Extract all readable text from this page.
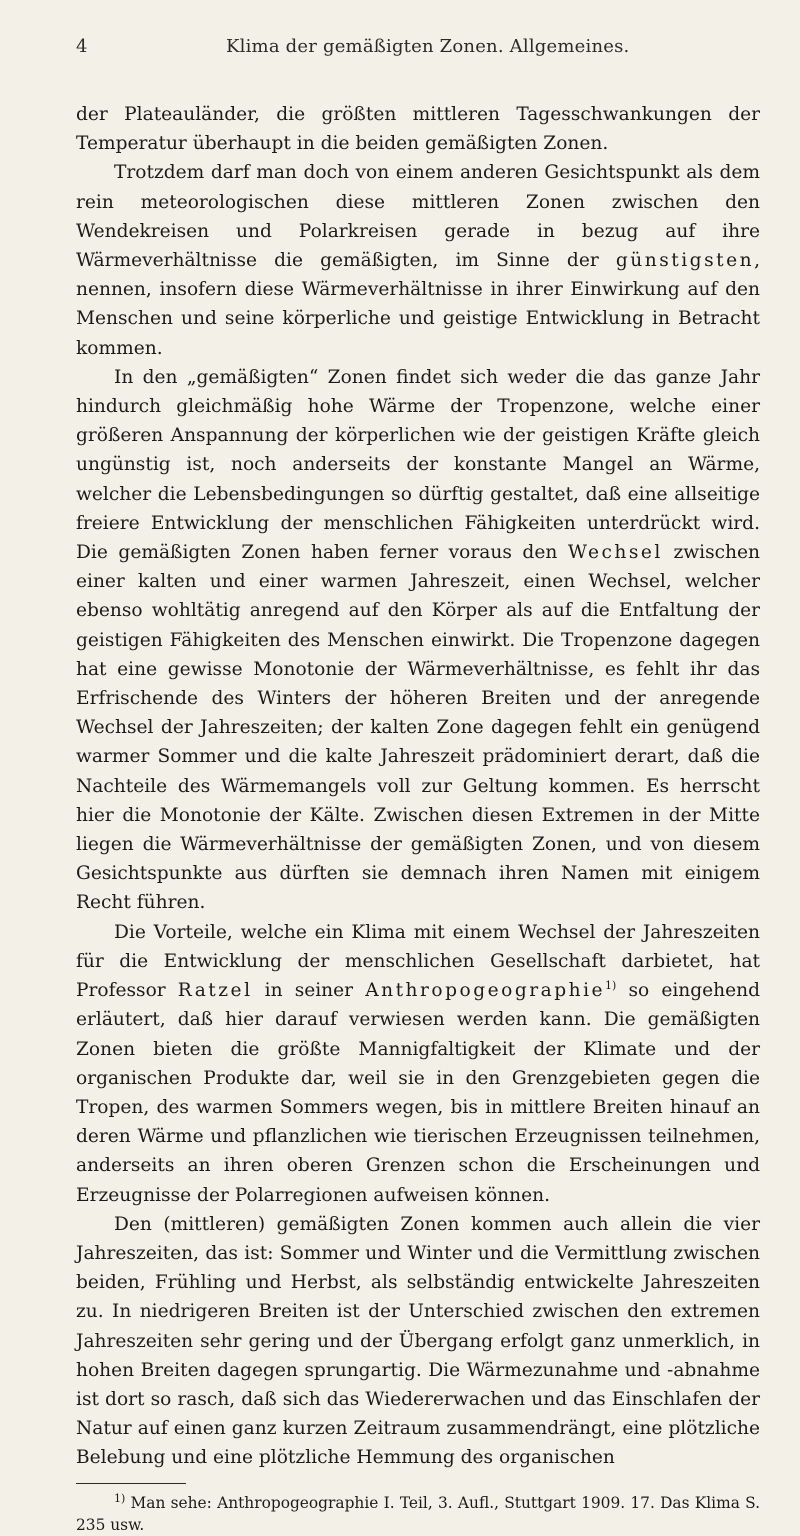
4	Klima der gemäßigten Zonen. Allgemeines.

der Plateauländer, die größten mittleren Tagesschwankungen der Temperatur überhaupt in die beiden gemäßigten Zonen.

Trotzdem darf man doch von einem anderen Gesichtspunkt als dem rein meteorologischen diese mittleren Zonen zwischen den Wendekreisen und Polarkreisen gerade in bezug auf ihre Wärmeverhältnisse die gemäßigten, im Sinne der günstigsten, nennen, insofern diese Wärmeverhältnisse in ihrer Einwirkung auf den Menschen und seine körperliche und geistige Entwicklung in Betracht kommen.

In den „gemäßigten“ Zonen findet sich weder die das ganze Jahr hindurch gleichmäßig hohe Wärme der Tropenzone, welche einer größeren Anspannung der körperlichen wie der geistigen Kräfte gleich ungünstig ist, noch anderseits der konstante Mangel an Wärme, welcher die Lebensbedingungen so dürftig gestaltet, daß eine allseitige freiere Entwicklung der menschlichen Fähigkeiten unterdrückt wird. Die gemäßigten Zonen haben ferner voraus den Wechsel zwischen einer kalten und einer warmen Jahreszeit, einen Wechsel, welcher ebenso wohltätig anregend auf den Körper als auf die Entfaltung der geistigen Fähigkeiten des Menschen einwirkt. Die Tropenzone dagegen hat eine gewisse Monotonie der Wärmeverhältnisse, es fehlt ihr das Erfrischende des Winters der höheren Breiten und der anregende Wechsel der Jahreszeiten; der kalten Zone dagegen fehlt ein genügend warmer Sommer und die kalte Jahreszeit prädominiert derart, daß die Nachteile des Wärmemangels voll zur Geltung kommen. Es herrscht hier die Monotonie der Kälte. Zwischen diesen Extremen in der Mitte liegen die Wärmeverhältnisse der gemäßigten Zonen, und von diesem Gesichtspunkte aus dürften sie demnach ihren Namen mit einigem Recht führen.

Die Vorteile, welche ein Klima mit einem Wechsel der Jahreszeiten für die Entwicklung der menschlichen Gesellschaft darbietet, hat Professor Ratzel in seiner Anthropogeographie$^{1)}$ so eingehend erläutert, daß hier darauf verwiesen werden kann. Die gemäßigten Zonen bieten die größte Mannigfaltigkeit der Klimate und der organischen Produkte dar, weil sie in den Grenzgebieten gegen die Tropen, des warmen Sommers wegen, bis in mittlere Breiten hinauf an deren Wärme und pflanzlichen wie tierischen Erzeugnissen teilnehmen, anderseits an ihren oberen Grenzen schon die Erscheinungen und Erzeugnisse der Polarregionen aufweisen können.

Den (mittleren) gemäßigten Zonen kommen auch allein die vier Jahreszeiten, das ist: Sommer und Winter und die Vermittlung zwischen beiden, Frühling und Herbst, als selbständig entwickelte Jahreszeiten zu. In niedrigeren Breiten ist der Unterschied zwischen den extremen Jahreszeiten sehr gering und der Übergang erfolgt ganz unmerklich, in hohen Breiten dagegen sprungartig. Die Wärmezunahme und -abnahme ist dort so rasch, daß sich das Wiedererwachen und das Einschlafen der Natur auf einen ganz kurzen Zeitraum zusammendrängt, eine plötzliche Belebung und eine plötzliche Hemmung des organischen

$^{1)}$ Man sehe: Anthropogeographie I. Teil, 3. Aufl., Stuttgart 1909. 17. Das Klima S. 235 usw.
